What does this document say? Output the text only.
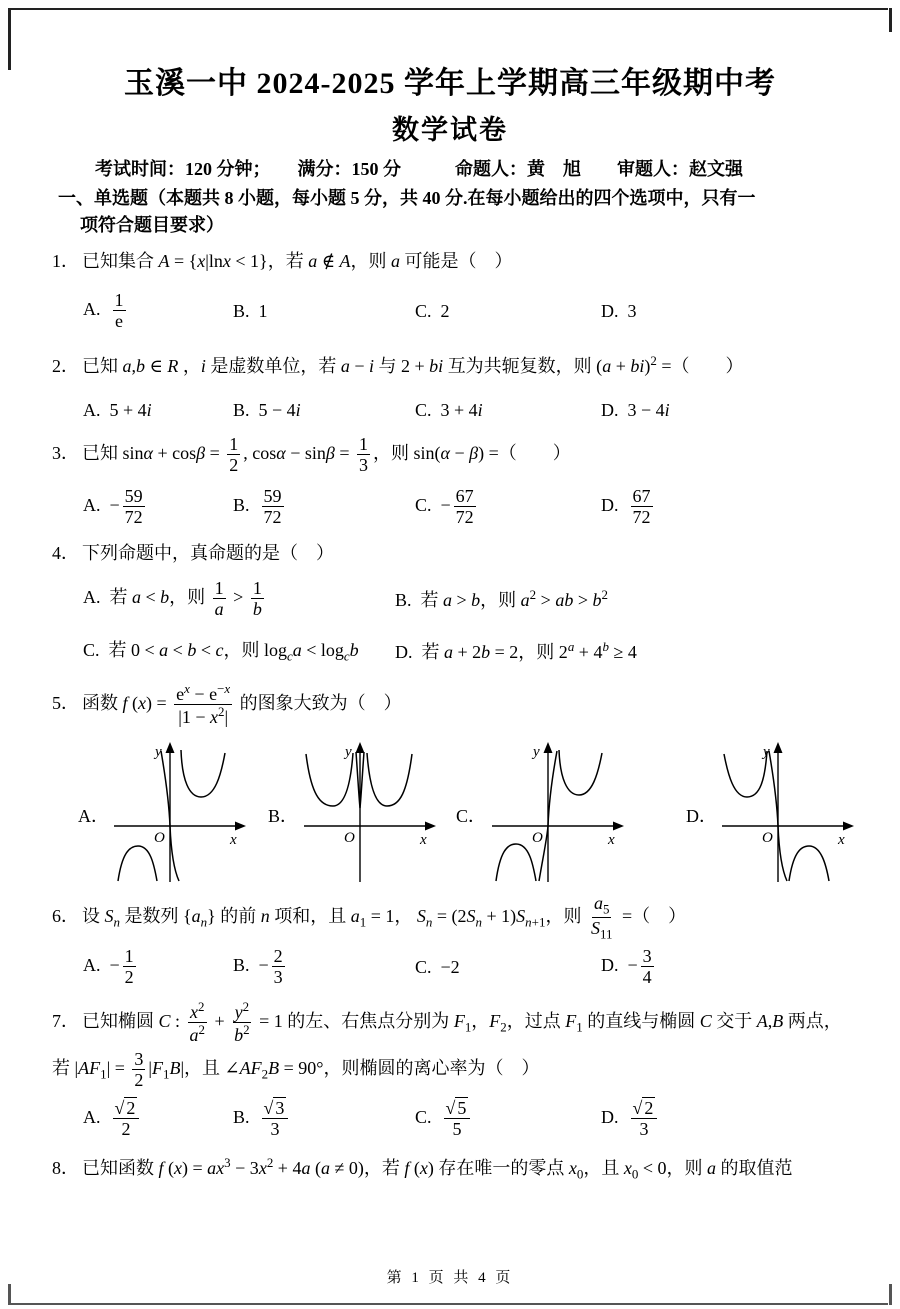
玉溪一中 2024-2025 学年上学期高三年级期中考
数学试卷
考试时间：120 分钟；　　满分：150 分　　　命题人：黄　旭　　审题人：赵文强
一、单选题（本题共 8 小题，每小题 5 分，共 40 分.在每小题给出的四个选项中，只有一
项符合题目要求）
1． 已知集合 A = {x|lnx < 1}，若 a ∉ A，则 a 可能是（　）
A. $\frac{1}{e}$	B.  1	C.  2	D.  3
2． 已知 a,b ∈ R ，i 是虚数单位，若 a − i 与 2 + bi 互为共轭复数，则 (a + bi)$^2$ =（　　）
A.  5 + 4i	B.  5 − 4i	C.  3 + 4i	D.  3 − 4i
3． 已知 $\sin\alpha + \cos\beta = \frac{1}{2}$ , $\cos\alpha - \sin\beta = \frac{1}{3}$ ，则 sin(α − β) =（　　）
A.  − $\frac{59}{72}$	B. $\frac{59}{72}$	C.  − $\frac{67}{72}$	D. $\frac{67}{72}$
4． 下列命题中，真命题的是（　）
A.  若 a < b，则 $\frac{1}{a} > \frac{1}{b}$	B.  若 a > b，则 $a^2$ > ab > $b^2$
C.  若 0 < a < b < c，则 $\log_ca < \log_cb$	D.  若 a + 2b = 2，则 $2^a + 4^b \ge 4$
5． 函数 f $(x) = \frac{e^x - e^{-x}}{|1 - x^2|}$ 的图象大致为（　）
A．
y
x
O
B．
y
x
O
C．
y
x
O
D．
y
x
O
6． 设 $S_n$ 是数列 $\{a_n\}$ 的前 n 项和，且 $a_1 = 1$， $S_n = (2S_n + 1)S_{n+1}$，则 $\frac{a_5}{S_{11}}$ =（　）
A.  − $\frac{1}{2}$	B.  − $\frac{2}{3}$	C.  −2	D.  − $\frac{3}{4}$
7． 已知椭圆 C : $\frac{x^2}{a^2} + \frac{y^2}{b^2} = 1$ 的左、右焦点分别为 $F_1$，$F_2$，过点 $F_1$ 的直线与椭圆 C 交于 A,B 两点，
若 $|AF_1| = \frac{3}{2} |F_1B|$，且 $\angle AF_2B = 90^\circ$，则椭圆的离心率为（　）
A. $\frac{√ 2}{2}$	B. $\frac{√ 3}{3}$	C. $\frac{√ 5}{5}$	D. $\frac{√ 2}{3}$
8． 已知函数 f $(x) = ax^3 - 3x^2 + 4a$ (a ≠ 0)，若 f (x) 存在唯一的零点 $x_0$，且 $x_0 < 0$，则 a 的取值范
第 1 页 共 4 页
